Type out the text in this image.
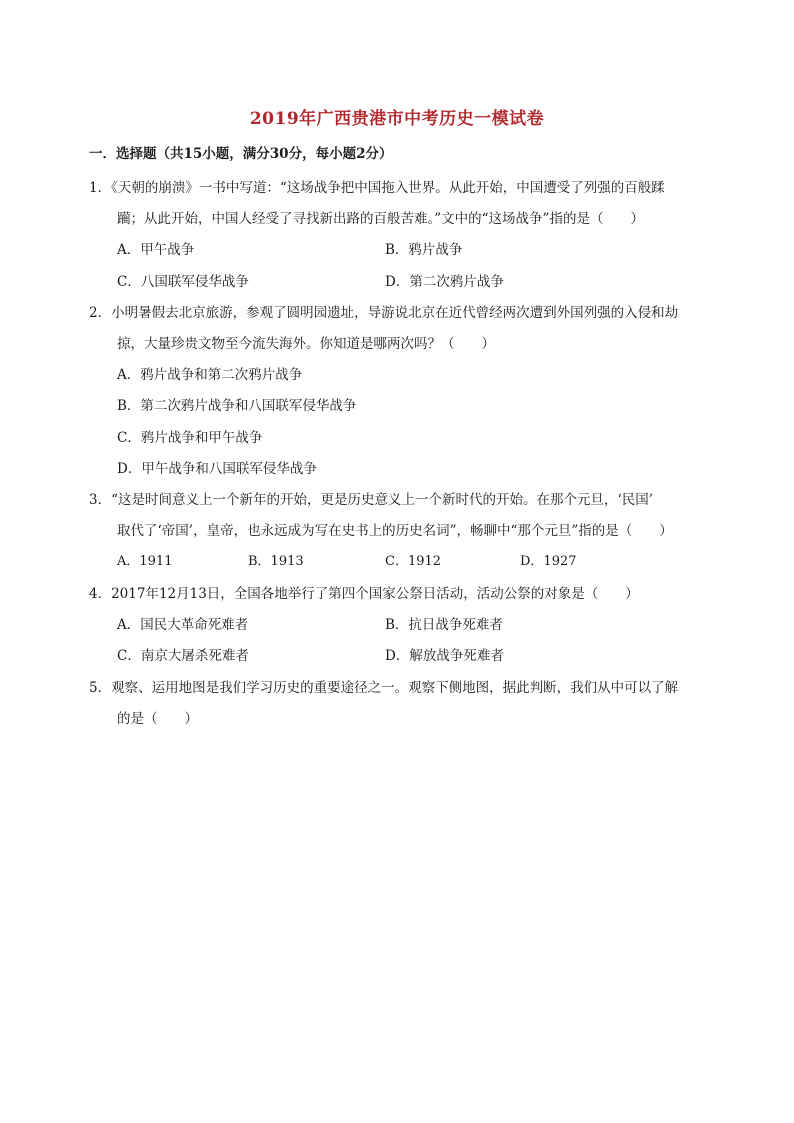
2019年广西贵港市中考历史一模试卷
一．选择题（共15小题，满分30分，每小题2分）
1．《天朝的崩溃》一书中写道：“这场战争把中国拖入世界。从此开始，中国遭受了列强的百般蹂
躏；从此开始，中国人经受了寻找新出路的百般苦难。”文中的“这场战争”指的是（　　）
A．甲午战争	B．鸦片战争
C．八国联军侵华战争	D．第二次鸦片战争
2．小明暑假去北京旅游，参观了圆明园遗址，导游说北京在近代曾经两次遭到外国列强的入侵和劫
掠，大量珍贵文物至今流失海外。你知道是哪两次吗？（　　）
A．鸦片战争和第二次鸦片战争
B．第二次鸦片战争和八国联军侵华战争
C．鸦片战争和甲午战争
D．甲午战争和八国联军侵华战争
3．“这是时间意义上一个新年的开始，更是历史意义上一个新时代的开始。在那个元旦，‘民国’
取代了‘帝国’，皇帝，也永远成为写在史书上的历史名词”，畅聊中“那个元旦”指的是（　　）
A．1911	B．1913	C．1912	D．1927
4．2017年12月13日，全国各地举行了第四个国家公祭日活动，活动公祭的对象是（　　）
A．国民大革命死难者	B．抗日战争死难者
C．南京大屠杀死难者	D．解放战争死难者
5．观察、运用地图是我们学习历史的重要途径之一。观察下侧地图，据此判断，我们从中可以了解
的是（　　）
